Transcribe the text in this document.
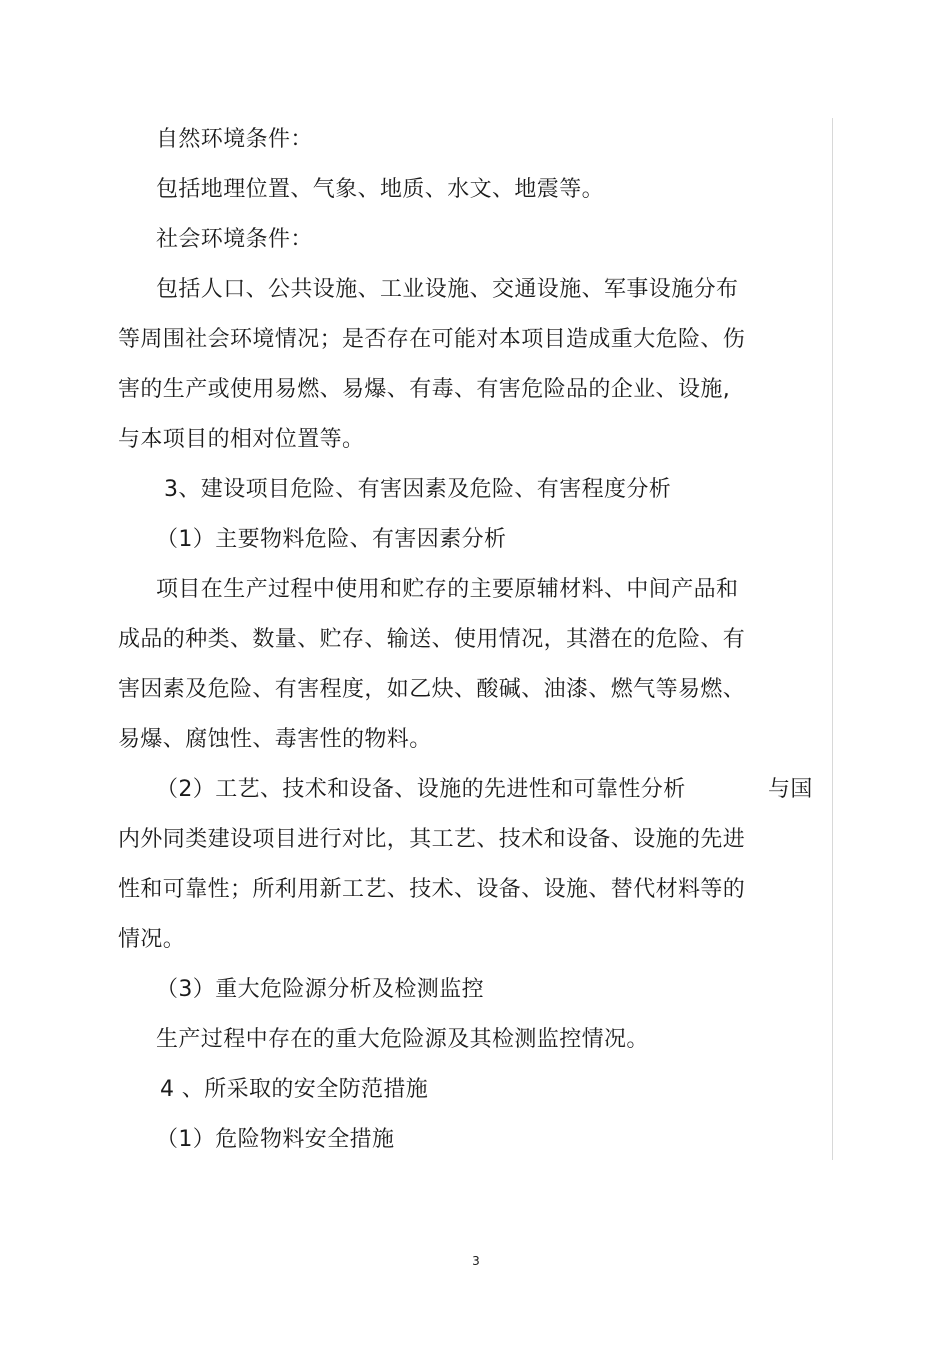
自然环境条件：
包括地理位置、气象、地质、水文、地震等。
社会环境条件：
包括人口、公共设施、工业设施、交通设施、军事设施分布
等周围社会环境情况；是否存在可能对本项目造成重大危险、伤
害的生产或使用易燃、易爆、有毒、有害危险品的企业、设施,
与本项目的相对位置等。
3、建设项目危险、有害因素及危险、有害程度分析
（1）主要物料危险、有害因素分析
项目在生产过程中使用和贮存的主要原辅材料、中间产品和
成品的种类、数量、贮存、输送、使用情况，其潜在的危险、有
害因素及危险、有害程度，如乙炔、酸碱、油漆、燃气等易燃、
易爆、腐蚀性、毒害性的物料。
（2）工艺、技术和设备、设施的先进性和可靠性分析	与国
内外同类建设项目进行对比，其工艺、技术和设备、设施的先进
性和可靠性；所利用新工艺、技术、设备、设施、替代材料等的
情况。
（3）重大危险源分析及检测监控
生产过程中存在的重大危险源及其检测监控情况。
4 、所采取的安全防范措施
（1）危险物料安全措施
3
